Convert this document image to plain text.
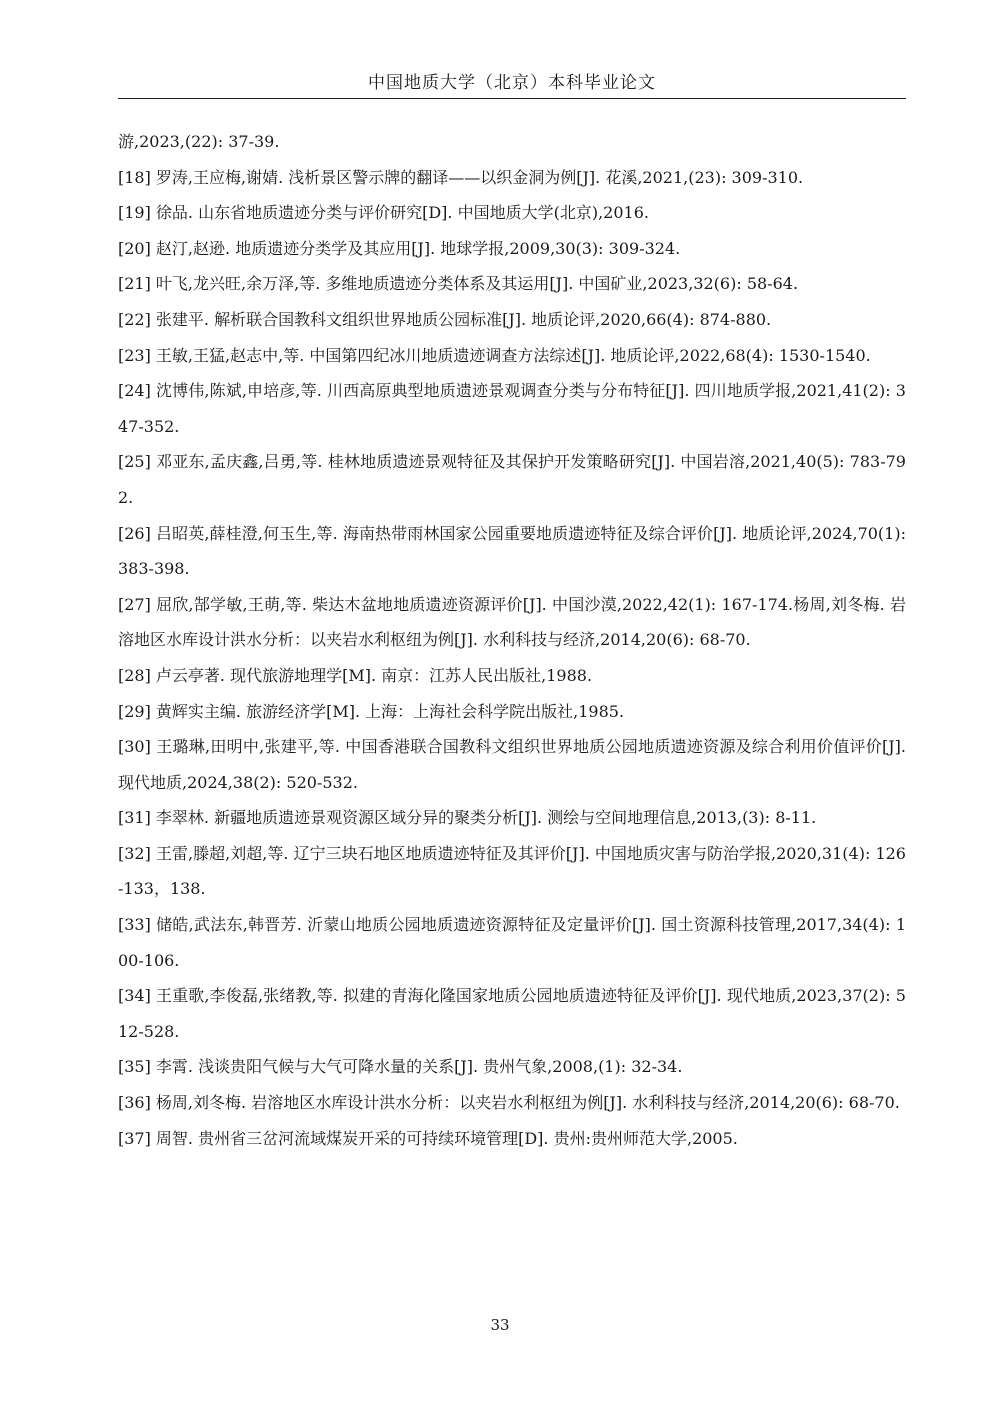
中国地质大学（北京）本科毕业论文
游,2023,(22): 37-39.
[18] 罗涛,王应梅,谢婧. 浅析景区警示牌的翻译——以织金洞为例[J]. 花溪,2021,(23): 309-310.
[19] 徐品. 山东省地质遗迹分类与评价研究[D]. 中国地质大学(北京),2016.
[20] 赵汀,赵逊. 地质遗迹分类学及其应用[J]. 地球学报,2009,30(3): 309-324.
[21] 叶飞,龙兴旺,余万泽,等. 多维地质遗迹分类体系及其运用[J]. 中国矿业,2023,32(6): 58-64.
[22] 张建平. 解析联合国教科文组织世界地质公园标准[J]. 地质论评,2020,66(4): 874-880.
[23] 王敏,王猛,赵志中,等. 中国第四纪冰川地质遗迹调查方法综述[J]. 地质论评,2022,68(4): 1530-1540.
[24] 沈博伟,陈斌,申培彦,等. 川西高原典型地质遗迹景观调查分类与分布特征[J]. 四川地质学报,2021,41(2): 347-352.
[25] 邓亚东,孟庆鑫,吕勇,等. 桂林地质遗迹景观特征及其保护开发策略研究[J]. 中国岩溶,2021,40(5): 783-792.
[26] 吕昭英,薛桂澄,何玉生,等. 海南热带雨林国家公园重要地质遗迹特征及综合评价[J]. 地质论评,2024,70(1): 383-398.
[27] 屈欣,郜学敏,王萌,等. 柴达木盆地地质遗迹资源评价[J]. 中国沙漠,2022,42(1): 167-174.杨周,刘冬梅. 岩溶地区水库设计洪水分析：以夹岩水利枢纽为例[J]. 水利科技与经济,2014,20(6): 68-70.
[28] 卢云亭著. 现代旅游地理学[M]. 南京：江苏人民出版社,1988.
[29] 黄辉实主编. 旅游经济学[M]. 上海：上海社会科学院出版社,1985.
[30] 王璐琳,田明中,张建平,等. 中国香港联合国教科文组织世界地质公园地质遗迹资源及综合利用价值评价[J]. 现代地质,2024,38(2): 520-532.
[31] 李翠林. 新疆地质遗迹景观资源区域分异的聚类分析[J]. 测绘与空间地理信息,2013,(3): 8-11.
[32] 王雷,滕超,刘超,等. 辽宁三块石地区地质遗迹特征及其评价[J]. 中国地质灾害与防治学报,2020,31(4): 126-133，138.
[33] 储皓,武法东,韩晋芳. 沂蒙山地质公园地质遗迹资源特征及定量评价[J]. 国土资源科技管理,2017,34(4): 100-106.
[34] 王重歌,李俊磊,张绪教,等. 拟建的青海化隆国家地质公园地质遗迹特征及评价[J]. 现代地质,2023,37(2): 512-528.
[35] 李霄. 浅谈贵阳气候与大气可降水量的关系[J]. 贵州气象,2008,(1): 32-34.
[36] 杨周,刘冬梅. 岩溶地区水库设计洪水分析：以夹岩水利枢纽为例[J]. 水利科技与经济,2014,20(6): 68-70.
[37] 周智. 贵州省三岔河流域煤炭开采的可持续环境管理[D]. 贵州:贵州师范大学,2005.
33
